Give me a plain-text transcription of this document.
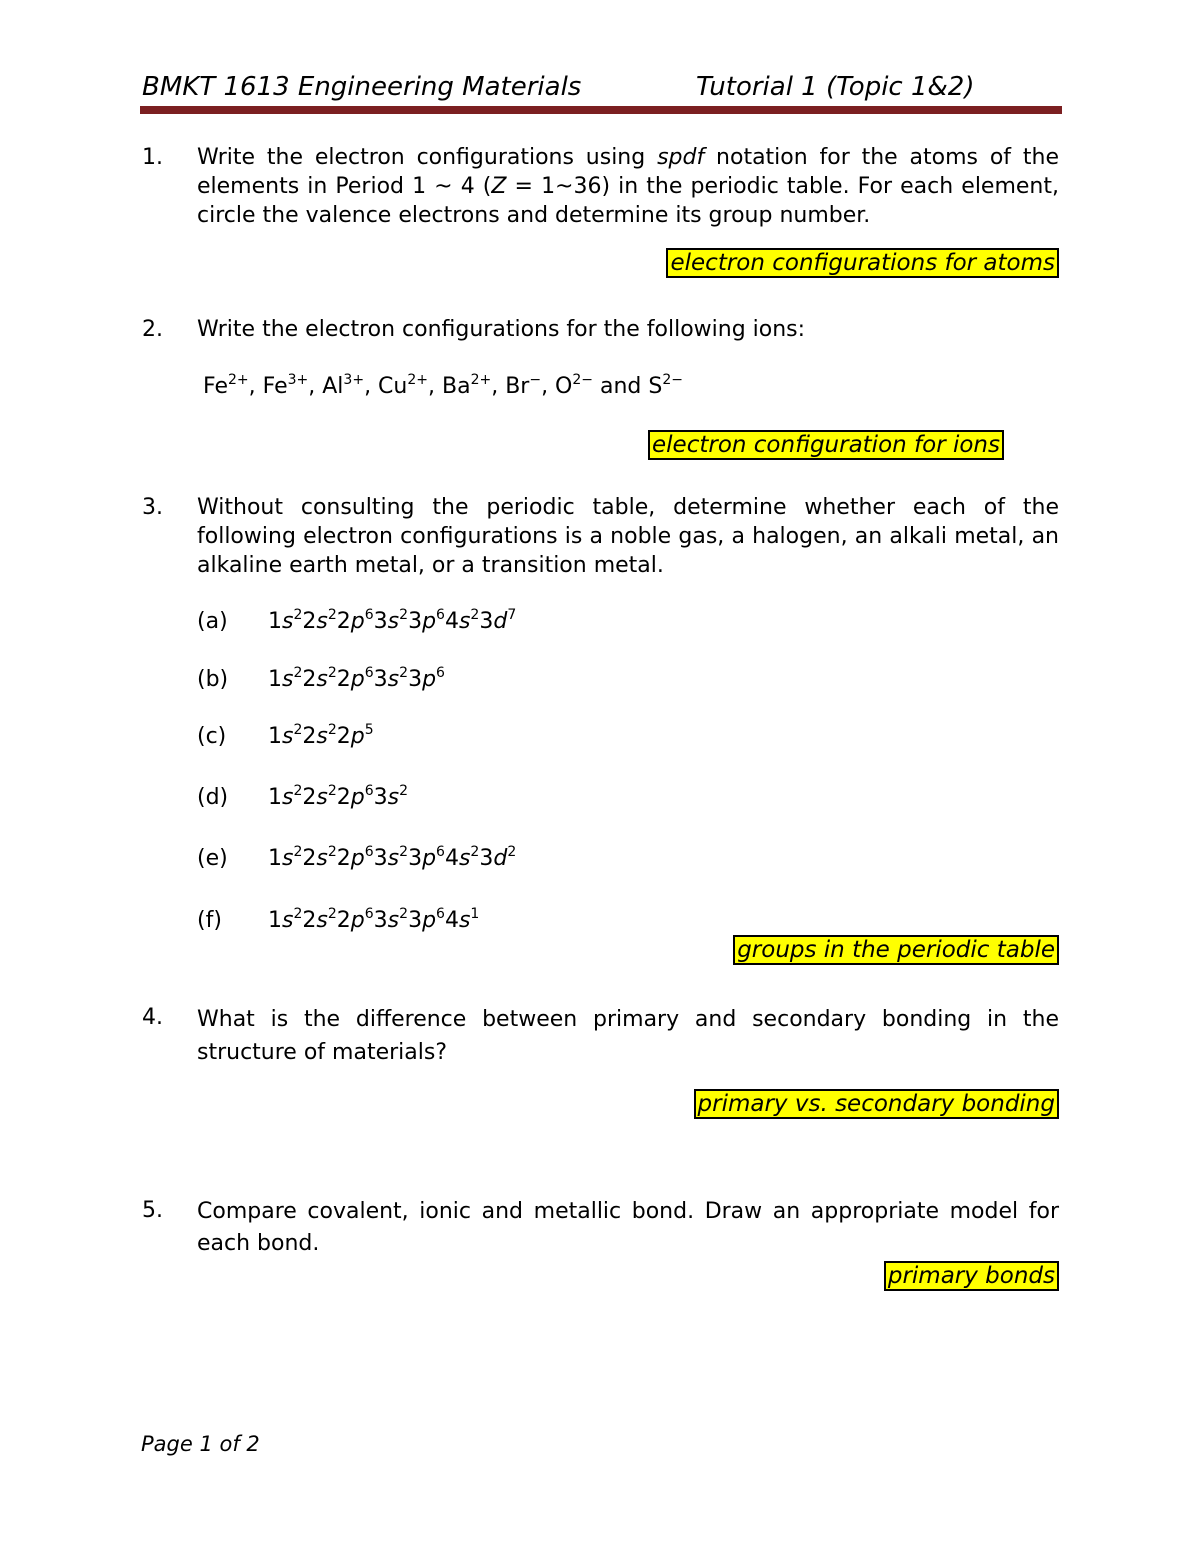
BMKT 1613 Engineering Materials	Tutorial 1 (Topic 1&2)
1. Write the electron configurations using spdf notation for the atoms of the elements in Period 1 ~ 4 (Z = 1~36) in the periodic table. For each element, circle the valence electrons and determine its group number.
electron configurations for atoms
2. Write the electron configurations for the following ions:
$Fe^{2+}$, $Fe^{3+}$, $Al^{3+}$, $Cu^{2+}$, $Ba^{2+}$, Br−, $O^{2-}$ and $S^{2-}$
electron configuration for ions
3. Without consulting the periodic table, determine whether each of the following electron configurations is a noble gas, a halogen, an alkali metal, an alkaline earth metal, or a transition metal.
(a) $1s^22s^22p^63s^23p^64s^23d^7$
(b) $1s^22s^22p^63s^23p^6$
(c) $1s^22s^22p^5$
(d) $1s^22s^22p^63s^2$
(e) $1s^22s^22p^63s^23p^64s^23d^2$
(f) $1s^22s^22p^63s^23p^64s^1$
groups in the periodic table
4. What is the difference between primary and secondary bonding in the structure of materials?
primary vs. secondary bonding
5. Compare covalent, ionic and metallic bond. Draw an appropriate model for each bond.
primary bonds
Page 1 of 2
